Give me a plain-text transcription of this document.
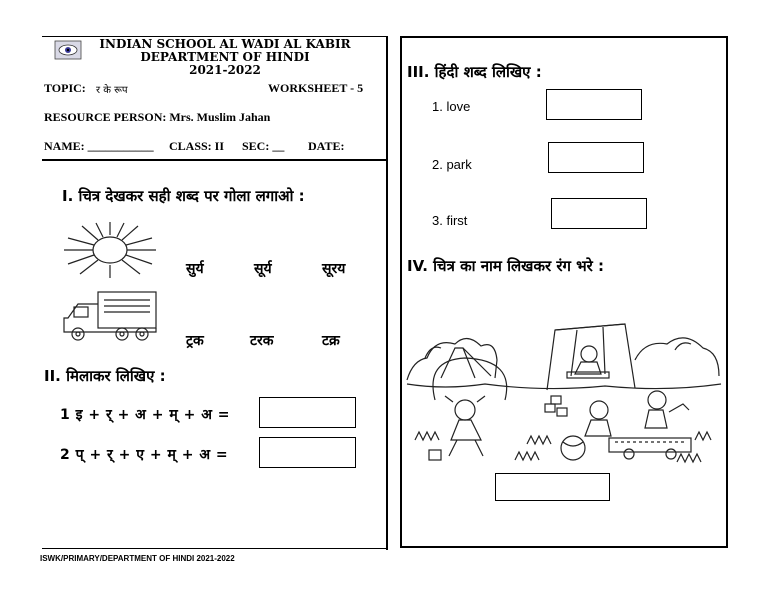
INDIAN SCHOOL AL WADI AL KABIR
DEPARTMENT OF HINDI
2021-2022
TOPIC: र के रूप	WORKSHEET - 5
RESOURCE PERSON: Mrs. Muslim Jahan
NAME: ___________ CLASS: II SEC: __ DATE:
I. चित्र देखकर सही शब्द पर गोला लगाओ :
सुर्य	सूर्य	सूरय
ट्रक	टरक	टक्र
II. मिलाकर लिखिए :
1 इ + र् + अ + म् + अ =
2 प् + र् + ए + म् + अ =
ISWK/PRIMARY/DEPARTMENT OF HINDI 2021-2022
III. हिंदी शब्द लिखिए :
1. love
2. park
3. first
IV. चित्र का नाम लिखकर रंग भरे :
